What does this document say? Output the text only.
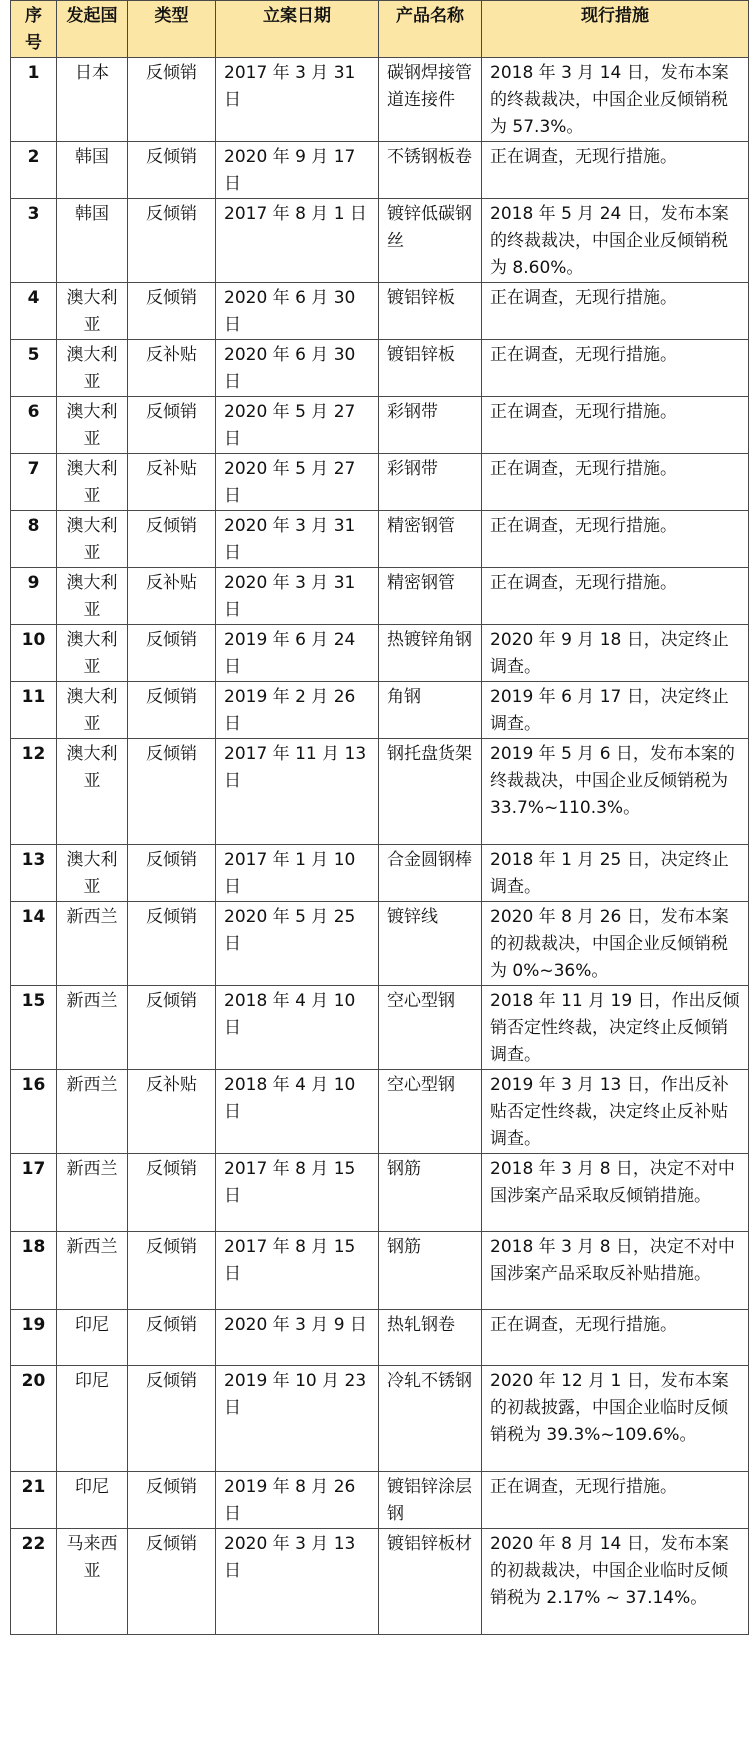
序号	发起国	类型	立案日期	产品名称	现行措施
1	日本	反倾销	2017 年 3 月 31 日	碳钢焊接管道连接件	2018 年 3 月 14 日，发布本案的终裁裁决，中国企业反倾销税为 57.3%。
2	韩国	反倾销	2020 年 9 月 17 日	不锈钢板卷	正在调查，无现行措施。
3	韩国	反倾销	2017 年 8 月 1 日	镀锌低碳钢丝	2018 年 5 月 24 日，发布本案的终裁裁决，中国企业反倾销税为 8.60%。
4	澳大利亚	反倾销	2020 年 6 月 30 日	镀铝锌板	正在调查，无现行措施。
5	澳大利亚	反补贴	2020 年 6 月 30 日	镀铝锌板	正在调查，无现行措施。
6	澳大利亚	反倾销	2020 年 5 月 27 日	彩钢带	正在调查，无现行措施。
7	澳大利亚	反补贴	2020 年 5 月 27 日	彩钢带	正在调查，无现行措施。
8	澳大利亚	反倾销	2020 年 3 月 31 日	精密钢管	正在调查，无现行措施。
9	澳大利亚	反补贴	2020 年 3 月 31 日	精密钢管	正在调查，无现行措施。
10	澳大利亚	反倾销	2019 年 6 月 24 日	热镀锌角钢	2020 年 9 月 18 日，决定终止调查。
11	澳大利亚	反倾销	2019 年 2 月 26 日	角钢	2019 年 6 月 17 日，决定终止调查。
12	澳大利亚	反倾销	2017 年 11 月 13 日	钢托盘货架	2019 年 5 月 6 日，发布本案的终裁裁决，中国企业反倾销税为 33.7%~110.3%。
13	澳大利亚	反倾销	2017 年 1 月 10 日	合金圆钢棒	2018 年 1 月 25 日，决定终止调查。
14	新西兰	反倾销	2020 年 5 月 25 日	镀锌线	2020 年 8 月 26 日，发布本案的初裁裁决，中国企业反倾销税为 0%~36%。
15	新西兰	反倾销	2018 年 4 月 10 日	空心型钢	2018 年 11 月 19 日，作出反倾销否定性终裁，决定终止反倾销调查。
16	新西兰	反补贴	2018 年 4 月 10 日	空心型钢	2019 年 3 月 13 日，作出反补贴否定性终裁，决定终止反补贴调查。
17	新西兰	反倾销	2017 年 8 月 15 日	钢筋	2018 年 3 月 8 日，决定不对中国涉案产品采取反倾销措施。
18	新西兰	反倾销	2017 年 8 月 15 日	钢筋	2018 年 3 月 8 日，决定不对中国涉案产品采取反补贴措施。
19	印尼	反倾销	2020 年 3 月 9 日	热轧钢卷	正在调查，无现行措施。
20	印尼	反倾销	2019 年 10 月 23 日	冷轧不锈钢	2020 年 12 月 1 日，发布本案的初裁披露，中国企业临时反倾销税为 39.3%~109.6%。
21	印尼	反倾销	2019 年 8 月 26 日	镀铝锌涂层钢	正在调查，无现行措施。
22	马来西亚	反倾销	2020 年 3 月 13 日	镀铝锌板材	2020 年 8 月 14 日，发布本案的初裁裁决，中国企业临时反倾销税为 2.17% ~ 37.14%。
